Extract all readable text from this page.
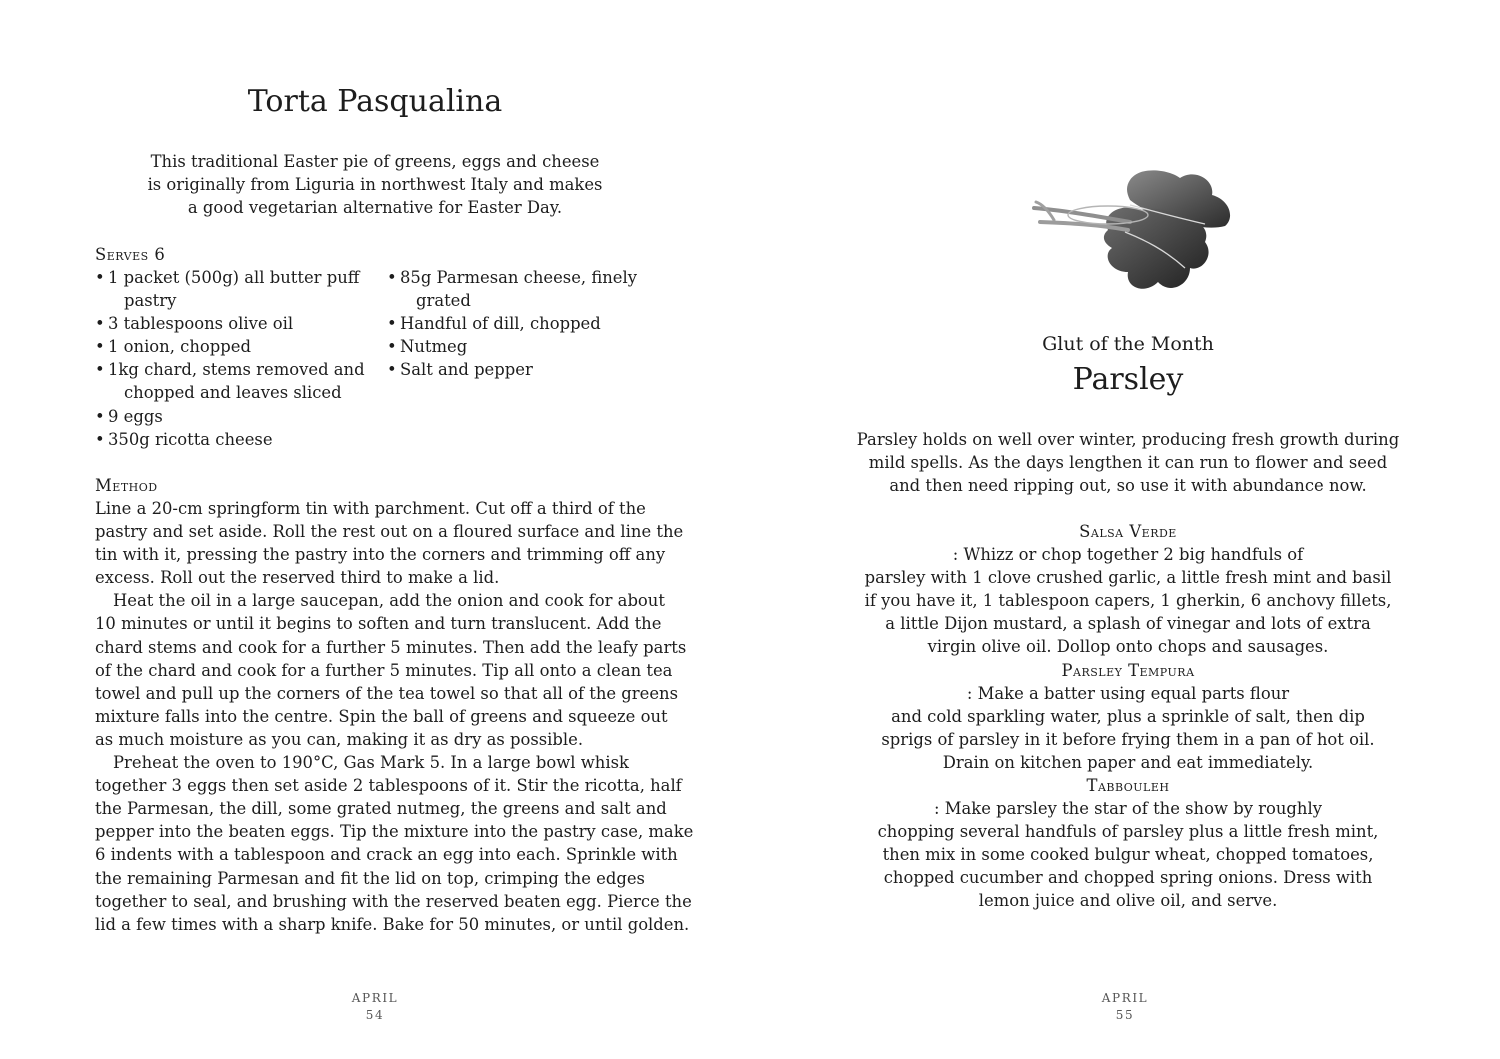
Torta Pasqualina
This traditional Easter pie of greens, eggs and cheese
is originally from Liguria in northwest Italy and makes
a good vegetarian alternative for Easter Day.
Serves 6
• 1 packet (500g) all butter puff
pastry
• 3 tablespoons olive oil
• 1 onion, chopped
• 1kg chard, stems removed and
chopped and leaves sliced
• 9 eggs
• 350g ricotta cheese
• 85g Parmesan cheese, finely
grated
• Handful of dill, chopped
• Nutmeg
• Salt and pepper
Method
Line a 20-cm springform tin with parchment. Cut off a third of the
pastry and set aside. Roll the rest out on a floured surface and line the
tin with it, pressing the pastry into the corners and trimming off any
excess. Roll out the reserved third to make a lid.
Heat the oil in a large saucepan, add the onion and cook for about
10 minutes or until it begins to soften and turn translucent. Add the
chard stems and cook for a further 5 minutes. Then add the leafy parts
of the chard and cook for a further 5 minutes. Tip all onto a clean tea
towel and pull up the corners of the tea towel so that all of the greens
mixture falls into the centre. Spin the ball of greens and squeeze out
as much moisture as you can, making it as dry as possible.
Preheat the oven to 190°C, Gas Mark 5. In a large bowl whisk
together 3 eggs then set aside 2 tablespoons of it. Stir the ricotta, half
the Parmesan, the dill, some grated nutmeg, the greens and salt and
pepper into the beaten eggs. Tip the mixture into the pastry case, make
6 indents with a tablespoon and crack an egg into each. Sprinkle with
the remaining Parmesan and fit the lid on top, crimping the edges
together to seal, and brushing with the reserved beaten egg. Pierce the
lid a few times with a sharp knife. Bake for 50 minutes, or until golden.
APRIL
54
Glut of the Month
Parsley
Parsley holds on well over winter, producing fresh growth during
mild spells. As the days lengthen it can run to flower and seed
and then need ripping out, so use it with abundance now.
Salsa Verde
: Whizz or chop together 2 big handfuls of
parsley with 1 clove crushed garlic, a little fresh mint and basil
if you have it, 1 tablespoon capers, 1 gherkin, 6 anchovy fillets,
a little Dijon mustard, a splash of vinegar and lots of extra
virgin olive oil. Dollop onto chops and sausages.
Parsley Tempura
: Make a batter using equal parts flour
and cold sparkling water, plus a sprinkle of salt, then dip
sprigs of parsley in it before frying them in a pan of hot oil.
Drain on kitchen paper and eat immediately.
Tabbouleh
: Make parsley the star of the show by roughly
chopping several handfuls of parsley plus a little fresh mint,
then mix in some cooked bulgur wheat, chopped tomatoes,
chopped cucumber and chopped spring onions. Dress with
lemon juice and olive oil, and serve.
APRIL
55
